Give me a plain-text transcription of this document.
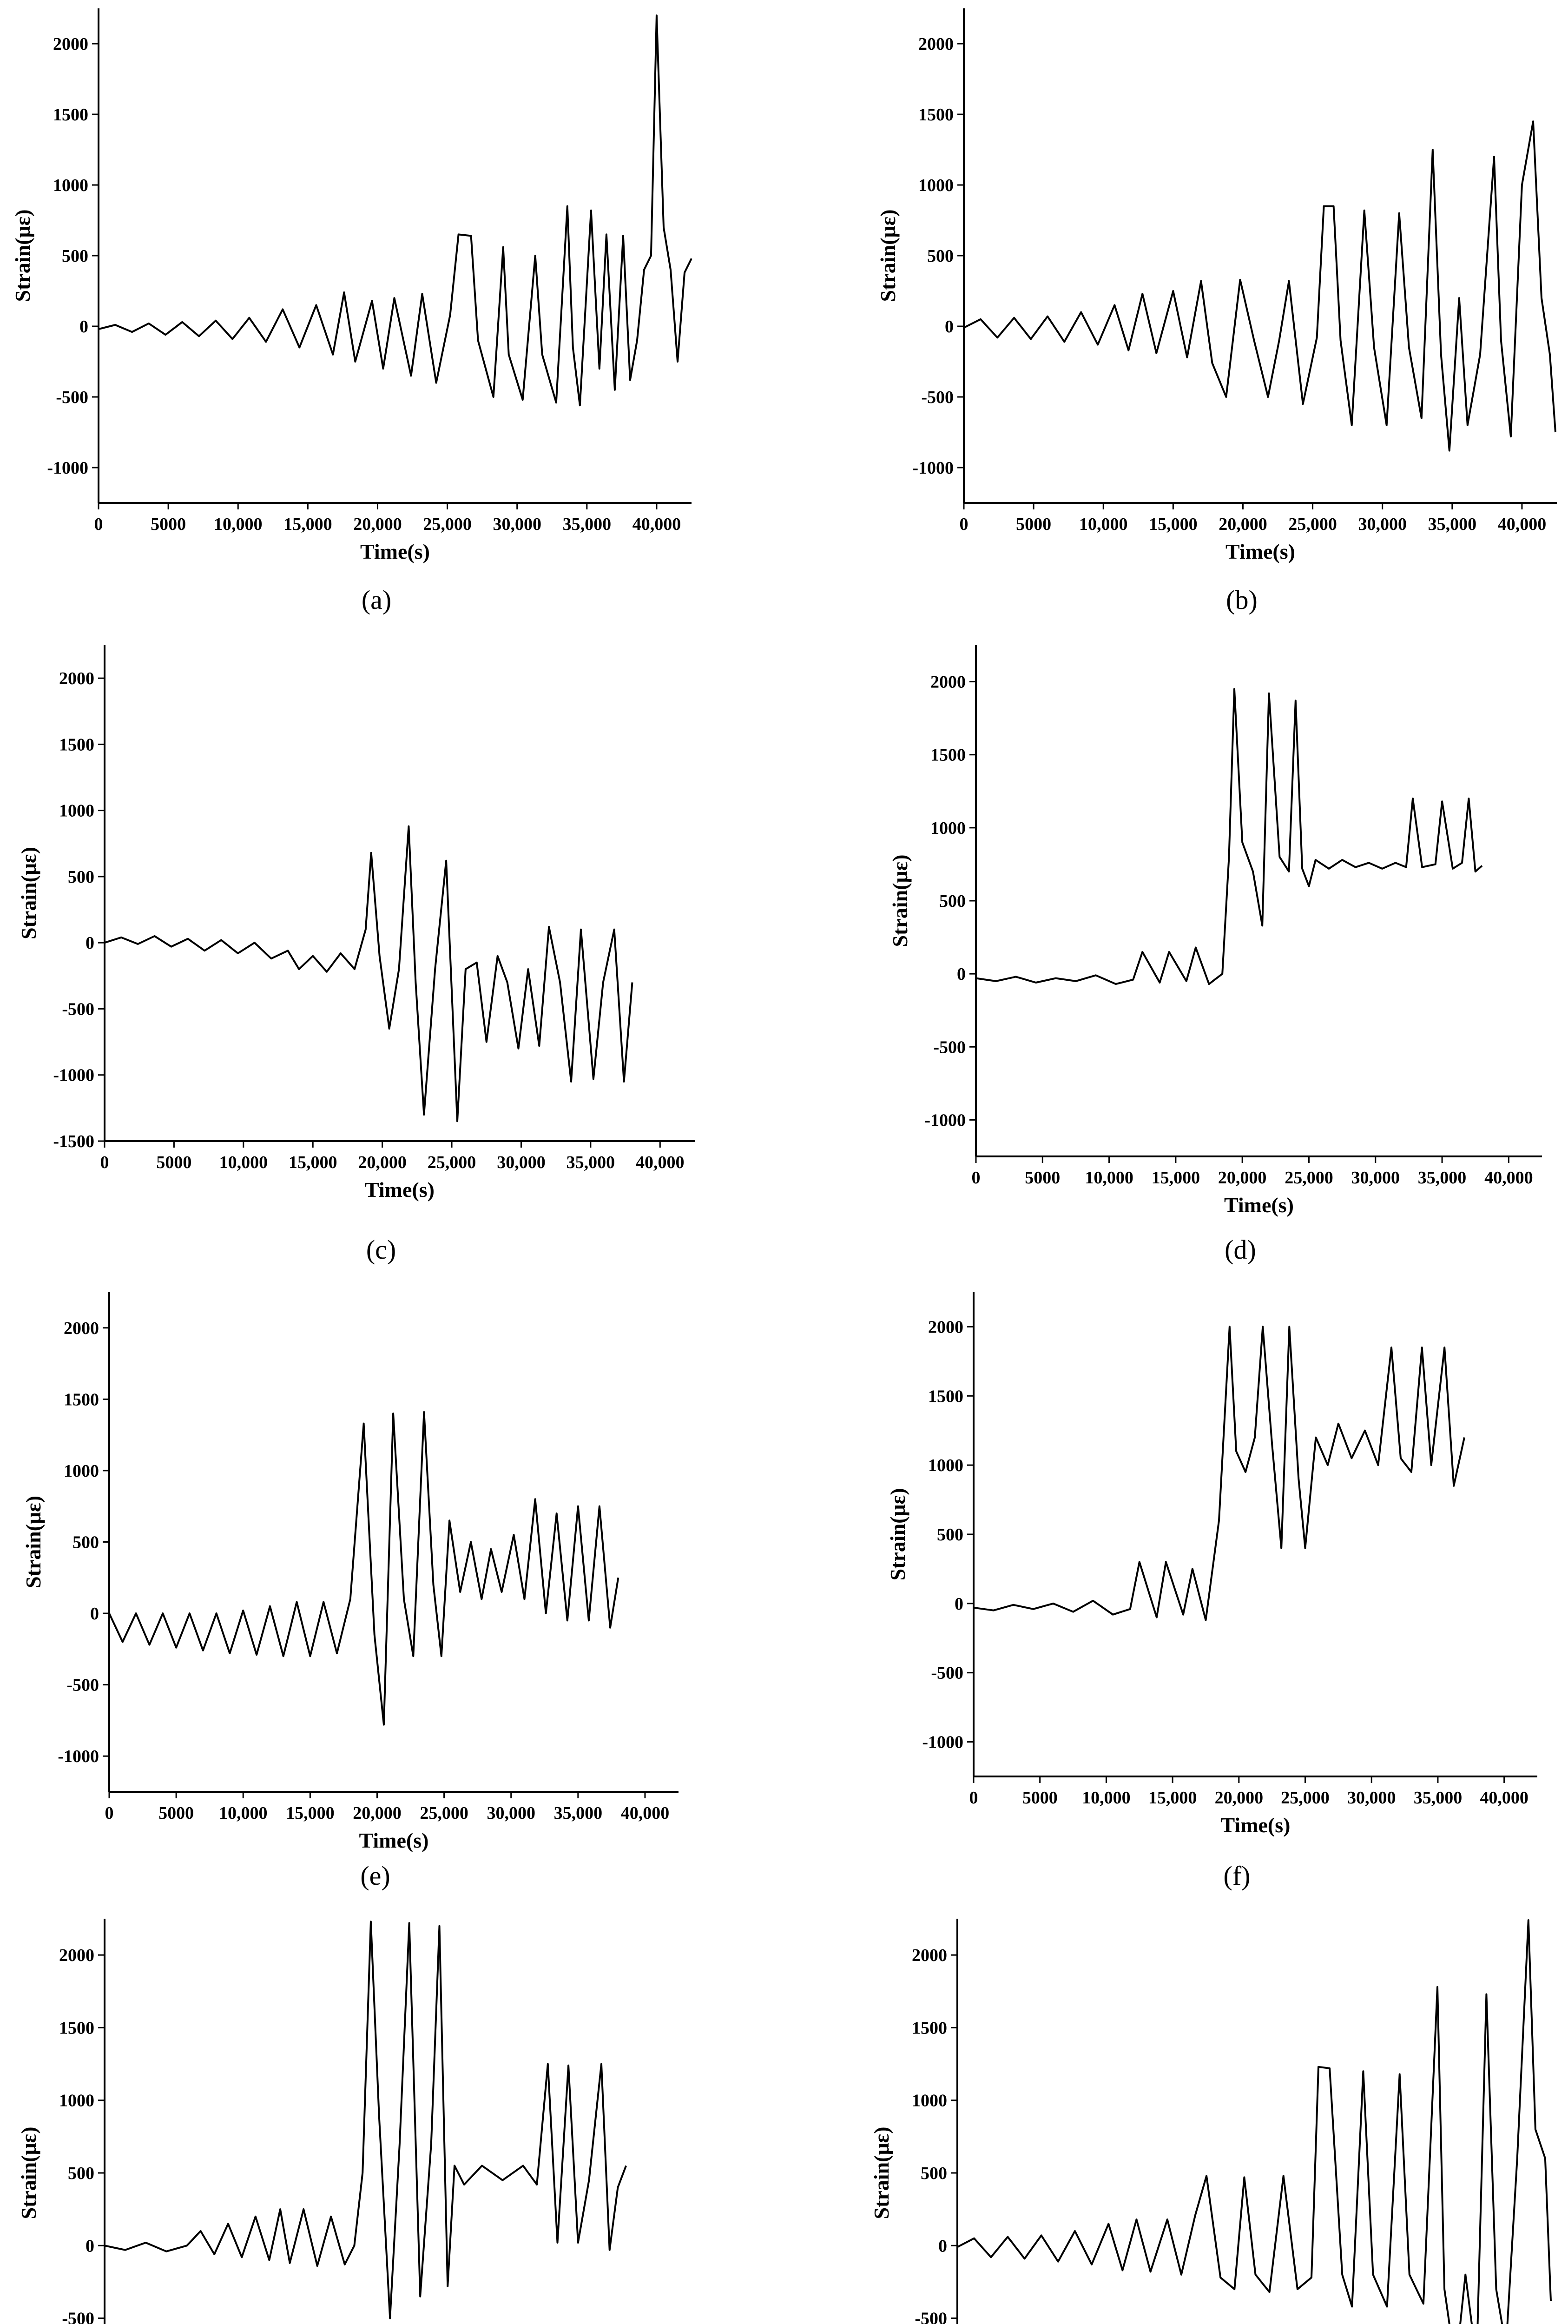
-1000
-500
0
500
1000
1500
2000
0	5000 10,000 15,000 20,000 25,000 30,000 35,000 40,000
Time(s)
Strain(με)
(a)
-1000
-500
0
500
1000
1500
2000
0	5000 10,000 15,000 20,000 25,000 30,000 35,000 40,000
Time(s)
Strain(με)
(b)
-1500
-1000
-500
0
500
1000
1500
2000
0	5000 10,000 15,000 20,000 25,000 30,000 35,000 40,000
Time(s)
Strain(με)
(c)
-1000
-500
0
500
1000
1500
2000
0	5000 10,000 15,000 20,000 25,000 30,000 35,000 40,000
Time(s)
Strain(με)
(d)
-1000
-500
0
500
1000
1500
2000
0	5000 10,000 15,000 20,000 25,000 30,000 35,000 40,000
Time(s)
Strain(με)
(e)
-1000
-500
0
500
1000
1500
2000
0	5000 10,000 15,000 20,000 25,000 30,000 35,000 40,000
Time(s)
Strain(με)
(f)
-500
0
500
1000
1500
2000
Strain(με)
-500
0
500
1000
1500
2000
Strain(με)
